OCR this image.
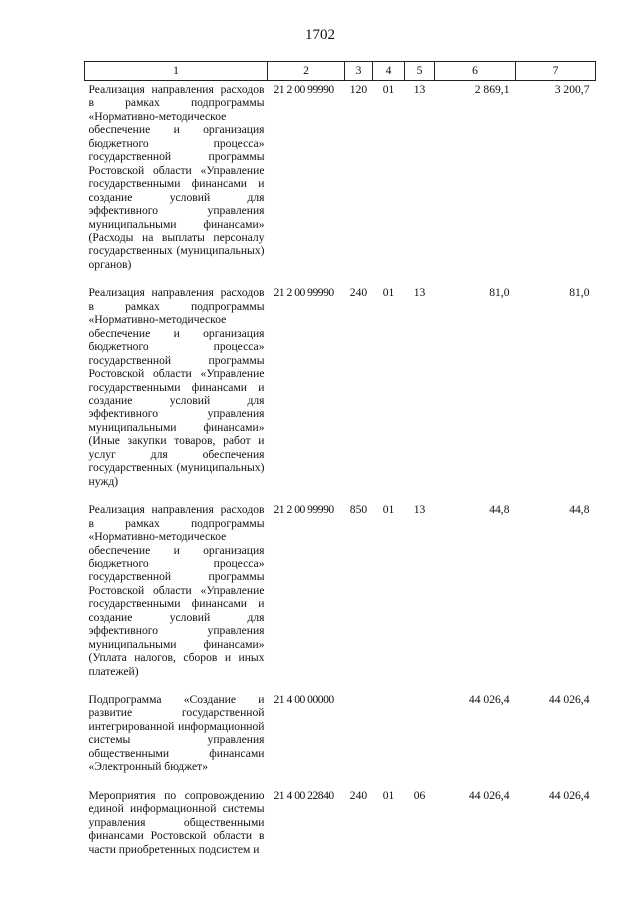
1702
1	2	3	4	5	6	7
Реализация направления расходов в рамках подпрограммы «Нормативно-методическое обеспечение и организация бюджетного процесса» государственной программы Ростовской области «Управление государственными финансами и создание условий для эффективного управления муниципальными финансами» (Расходы на выплаты персоналу государственных (муниципальных) органов)	21 2 00 99990	120	01	13	2 869,1	3 200,7
Реализация направления расходов в рамках подпрограммы «Нормативно-методическое обеспечение и организация бюджетного процесса» государственной программы Ростовской области «Управление государственными финансами и создание условий для эффективного управления муниципальными финансами» (Иные закупки товаров, работ и услуг для обеспечения государственных (муниципальных) нужд)	21 2 00 99990	240	01	13	81,0	81,0
Реализация направления расходов в рамках подпрограммы «Нормативно-методическое обеспечение и организация бюджетного процесса» государственной программы Ростовской области «Управление государственными финансами и создание условий для эффективного управления муниципальными финансами» (Уплата налогов, сборов и иных платежей)	21 2 00 99990	850	01	13	44,8	44,8
Подпрограмма «Создание и развитие государственной интегрированной информационной системы управления общественными финансами «Электронный бюджет»	21 4 00 00000				44 026,4	44 026,4
Мероприятия по сопровождению единой информационной системы управления общественными финансами Ростовской области в части приобретенных подсистем и	21 4 00 22840	240	01	06	44 026,4	44 026,4
